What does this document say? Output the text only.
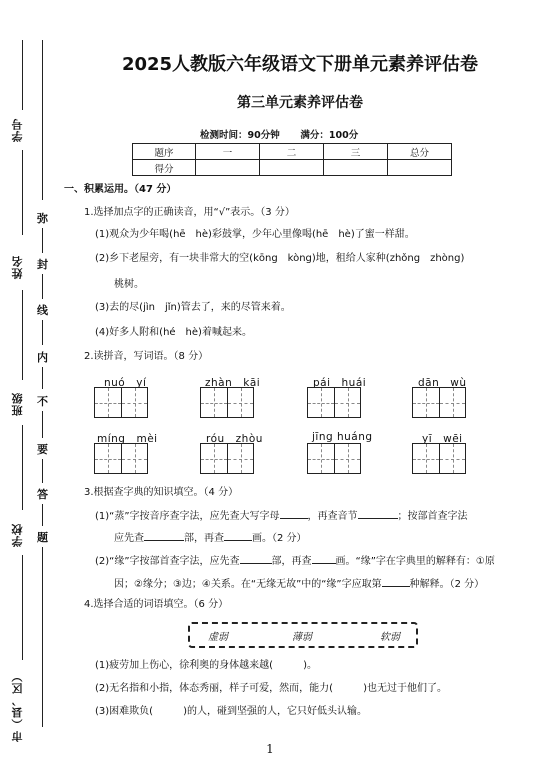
学号
姓名
班级
学校
市（县、区）
弥
封
线
内
不
要
答
题
2025人教版六年级语文下册单元素养评估卷
第三单元素养评估卷
检测时间：90分钟 满分：100分
题序	一	二	三	总分
得分				
一、积累运用。（47 分）
1.选择加点字的正确读音，用“√”表示。（3 分）
(1)观众为少年喝(hē　hè)彩鼓掌，少年心里像喝(hē　hè)了蜜一样甜。
(2)乡下老屋旁，有一块非常大的空(kōng　kòng)地，租给人家种(zhǒng　zhòng)
桃树。
(3)去的尽(jìn　jǐn)管去了，来的尽管来着。
(4)好多人附和(hé　hè)着喊起来。
2.读拼音，写词语。（8 分）
nuó　yí	zhàn　kāi	pái　huái	dān　wù
míng　mèi	róu　zhòu	jīng huáng	yī　wēi
3.根据查字典的知识填空。（4 分）
(1)“蒸”字按音序查字法，应先查大写字母	，再查音节	；按部首查字法
应先查	部，再查	画。（2 分）
(2)“缘”字按部首查字法，应先查	部，再查 画。“缘”字在字典里的解释有：①原
因；②缘分；③边；④关系。在“无缘无故”中的“缘”字应取第	种解释。（2 分）
4.选择合适的词语填空。（6 分）
虚弱	薄弱	软弱
(1)疲劳加上伤心，徐利奥的身体越来越(　　　)。
(2)无名指和小指，体态秀丽，样子可爱，然而，能力(　　　)也无过于他们了。
(3)困难欺负(　　　)的人，碰到坚强的人，它只好低头认输。
1
